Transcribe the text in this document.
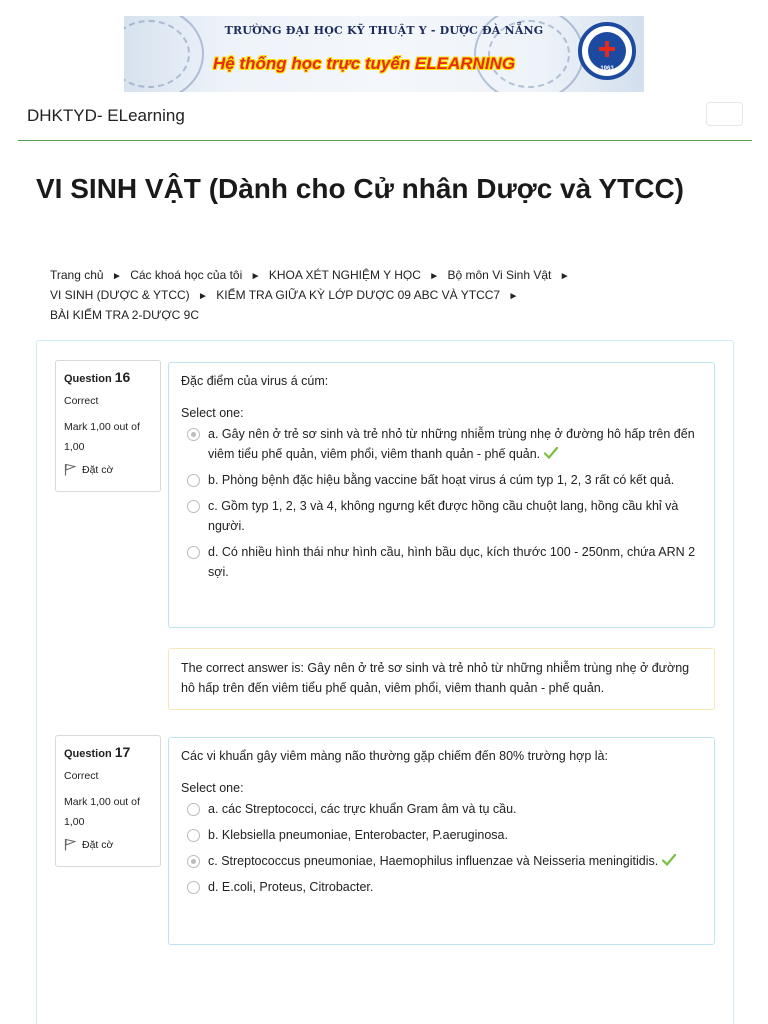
TRƯỜNG ĐẠI HỌC KỸ THUẬT Y - DƯỢC ĐÀ NẴNG
Hệ thống học trực tuyến ELEARNING	1963
DHKTYD- ELearning
VI SINH VẬT (Dành cho Cử nhân Dược và YTCC)
Trang chủ ► Các khoá học của tôi ► KHOA XÉT NGHIỆM Y HỌC ► Bộ môn Vi Sinh Vật ►
VI SINH (DƯỢC & YTCC) ► KIỂM TRA GIỮA KỲ LỚP DƯỢC 09 ABC VÀ YTCC7 ►
BÀI KIỂM TRA 2-DƯỢC 9C
Question 16
Correct
Mark 1,00 out of 1,00
Đặt cờ
Đặc điểm của virus á cúm:
Select one:
a. Gây nên ở trẻ sơ sinh và trẻ nhỏ từ những nhiễm trùng nhẹ ở đường hô hấp trên đến viêm tiểu phế quản, viêm phổi, viêm thanh quản - phế quản.
b. Phòng bệnh đặc hiệu bằng vaccine bất hoạt virus á cúm typ 1, 2, 3 rất có kết quả.
c. Gồm typ 1, 2, 3 và 4, không ngưng kết được hồng cầu chuột lang, hồng cầu khỉ và người.
d. Có nhiều hình thái như hình cầu, hình bầu dục, kích thước 100 - 250nm, chứa ARN 2 sợi.
The correct answer is: Gây nên ở trẻ sơ sinh và trẻ nhỏ từ những nhiễm trùng nhẹ ở đường hô hấp trên đến viêm tiểu phế quản, viêm phổi, viêm thanh quản - phế quản.
Question 17
Correct
Mark 1,00 out of 1,00
Đặt cờ
Các vi khuẩn gây viêm màng não thường gặp chiếm đến 80% trường hợp là:
Select one:
a. các Streptococci, các trực khuẩn Gram âm và tụ cầu.
b. Klebsiella pneumoniae, Enterobacter, P.aeruginosa.
c. Streptococcus pneumoniae, Haemophilus influenzae và Neisseria meningitidis.
d. E.coli, Proteus, Citrobacter.
